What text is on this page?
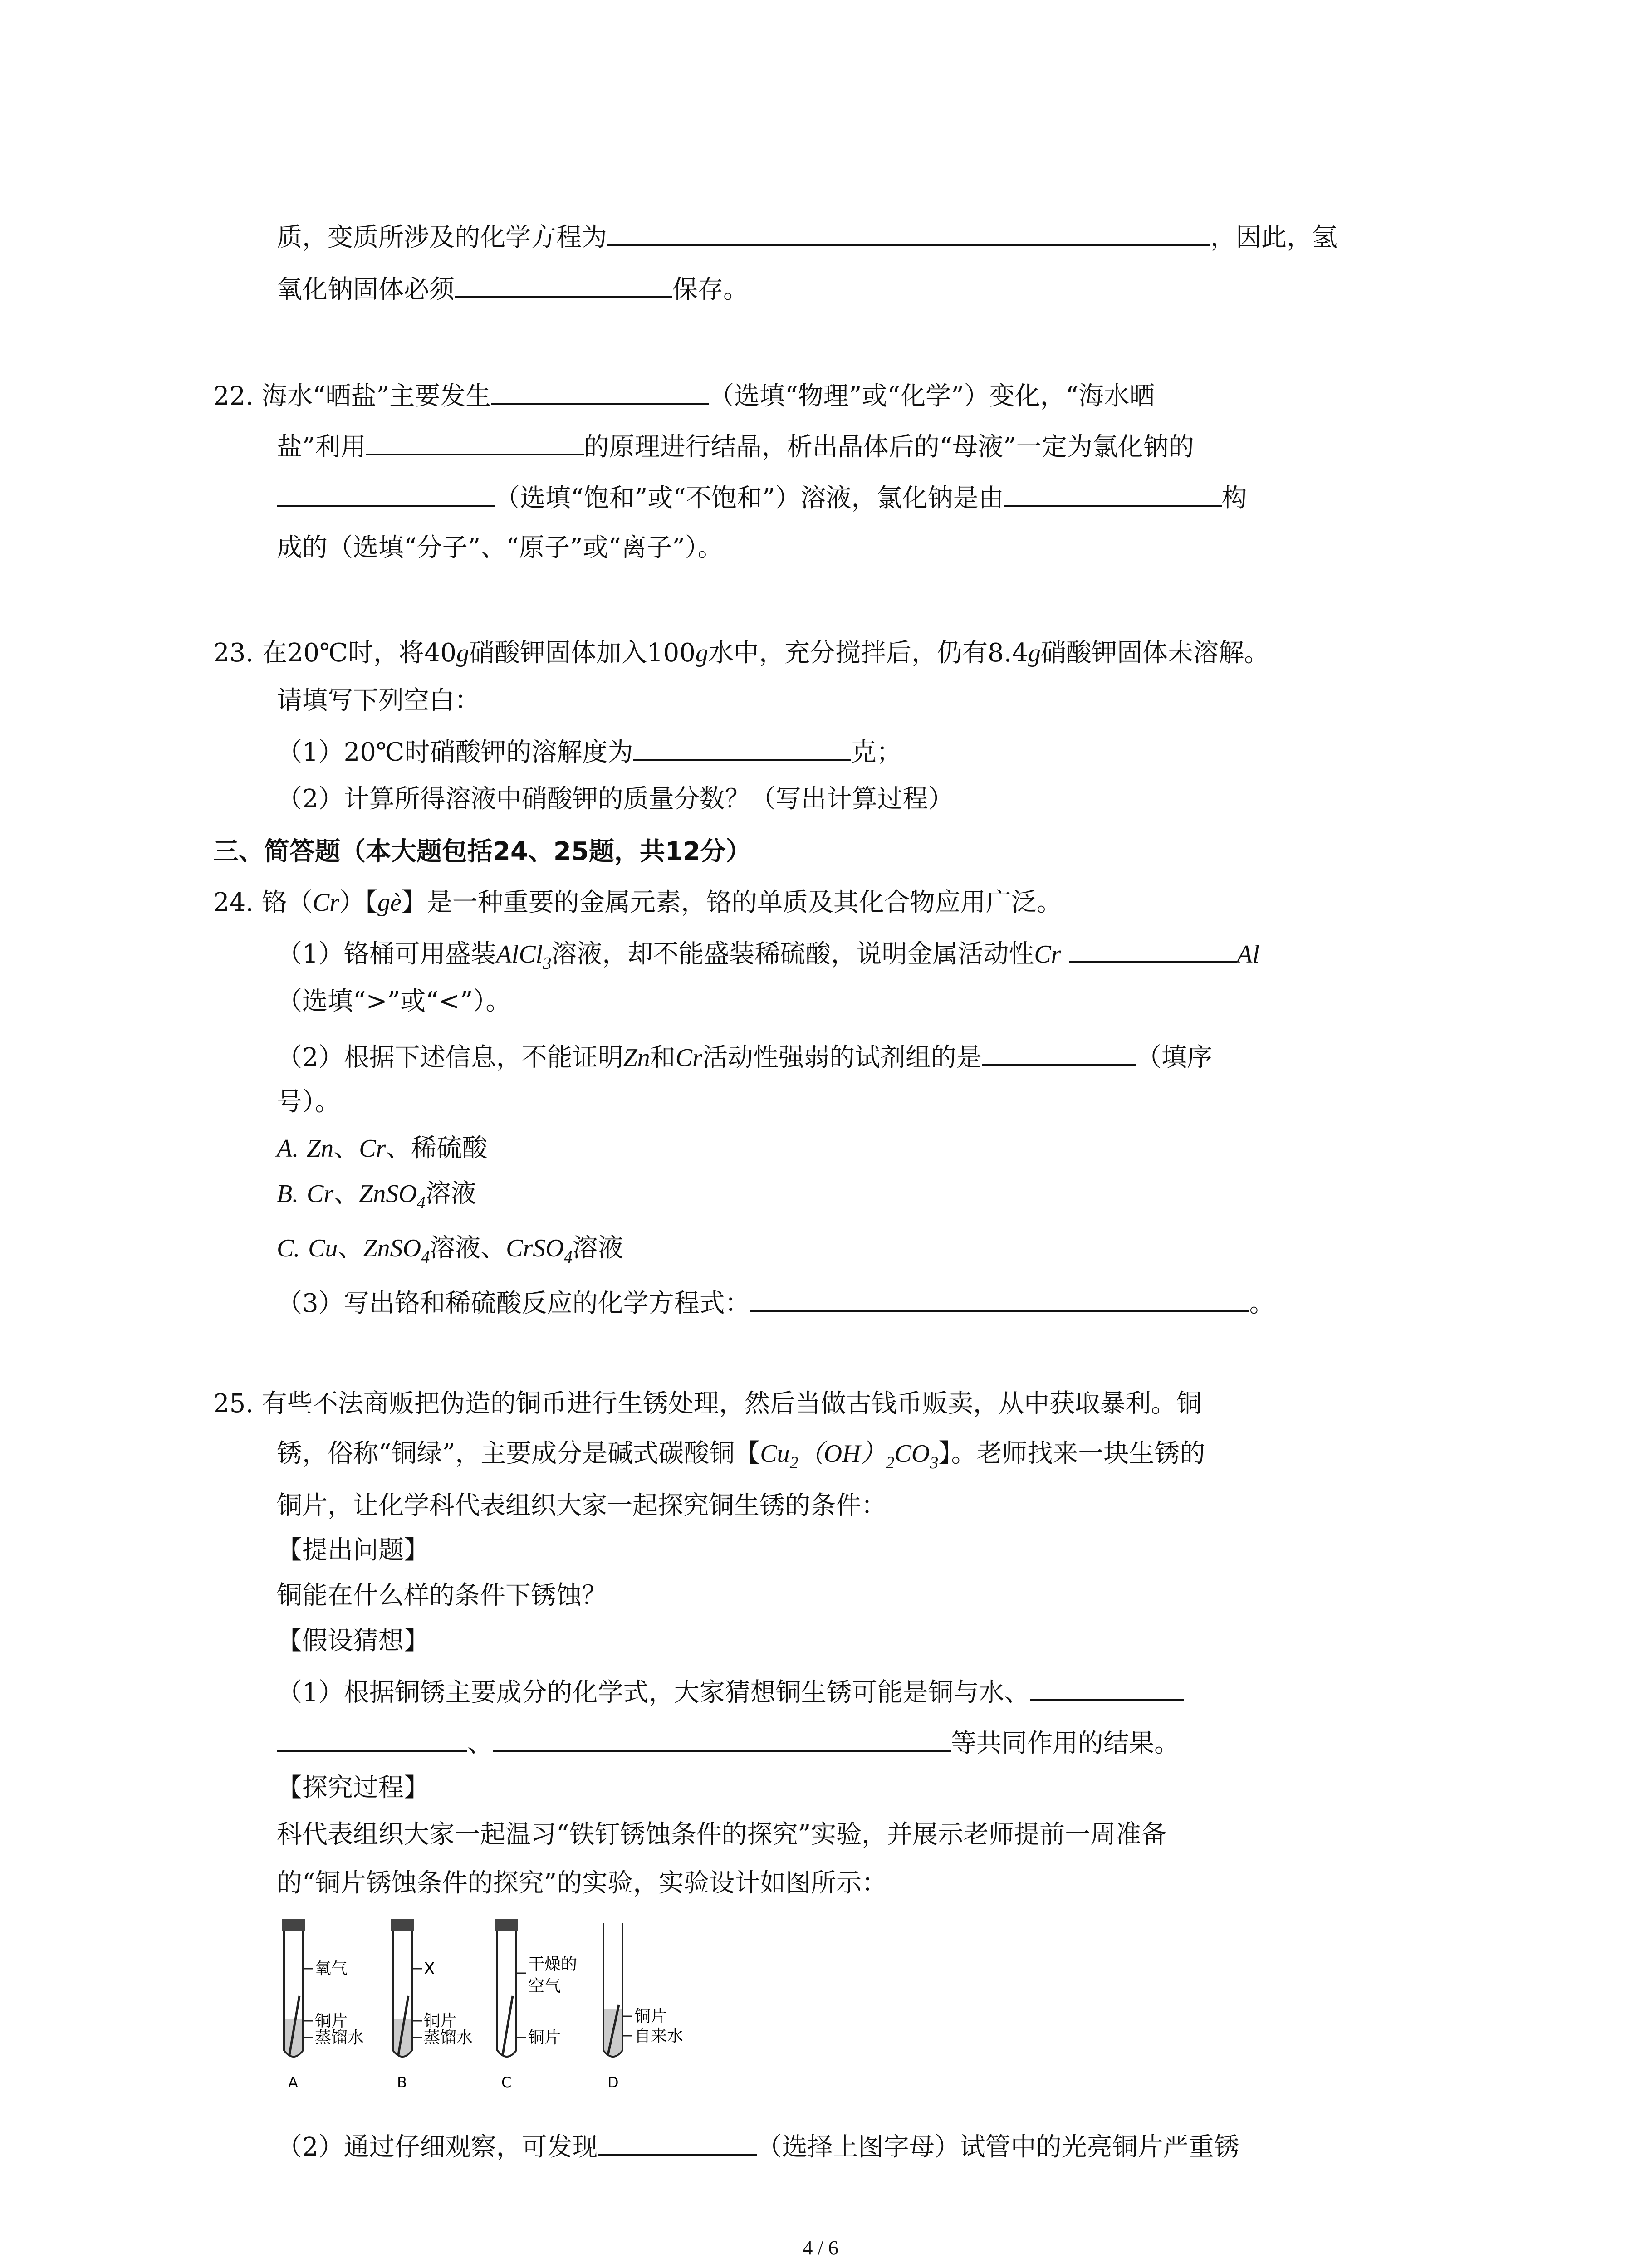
质，变质所涉及的化学方程为	，因此，氢
氧化钠固体必须	保存。
22. 海水“晒盐”主要发生	（选填“物理”或“化学”）变化，“海水晒
盐”利用	的原理进行结晶，析出晶体后的“母液”一定为氯化钠的
（选填“饱和”或“不饱和”）溶液，氯化钠是由	构
成的（选填“分子”、“原子”或“离子”）。
23. 在20℃时，将40g硝酸钾固体加入100g水中，充分搅拌后，仍有8.4g硝酸钾固体未溶解。
请填写下列空白：
（1）20℃时硝酸钾的溶解度为	克；
（2）计算所得溶液中硝酸钾的质量分数？（写出计算过程）
三、简答题（本大题包括24、25题，共12分）
24. 铬（Cr）【gè】是一种重要的金属元素，铬的单质及其化合物应用广泛。
（1）铬桶可用盛装AlCl$_3$溶液，却不能盛装稀硫酸，说明金属活动性Cr	Al
（选填“>”或“<”）。
（2）根据下述信息，不能证明Zn和Cr活动性强弱的试剂组的是	（填序
号）。
A. Zn、Cr、稀硫酸
B. Cr、ZnSO$_4$溶液
C. Cu、ZnSO$_4$溶液、CrSO$_4$溶液
（3）写出铬和稀硫酸反应的化学方程式：	。
25. 有些不法商贩把伪造的铜币进行生锈处理，然后当做古钱币贩卖，从中获取暴利。铜
锈，俗称“铜绿”，主要成分是碱式碳酸铜【$Cu_2(OH)_2CO_3$】。老师找来一块生锈的
铜片，让化学科代表组织大家一起探究铜生锈的条件：
【提出问题】
铜能在什么样的条件下锈蚀？
【假设猜想】
（1）根据铜锈主要成分的化学式，大家猜想铜生锈可能是铜与水、
、	等共同作用的结果。
【探究过程】
科代表组织大家一起温习“铁钉锈蚀条件的探究”实验，并展示老师提前一周准备
的“铜片锈蚀条件的探究”的实验，实验设计如图所示：
氧气
铜片
蒸馏水
A
X
铜片
蒸馏水
B
干燥的
空气
铜片
C
铜片
自来水
D
（2）通过仔细观察，可发现	（选择上图字母）试管中的光亮铜片严重锈
4 / 6
